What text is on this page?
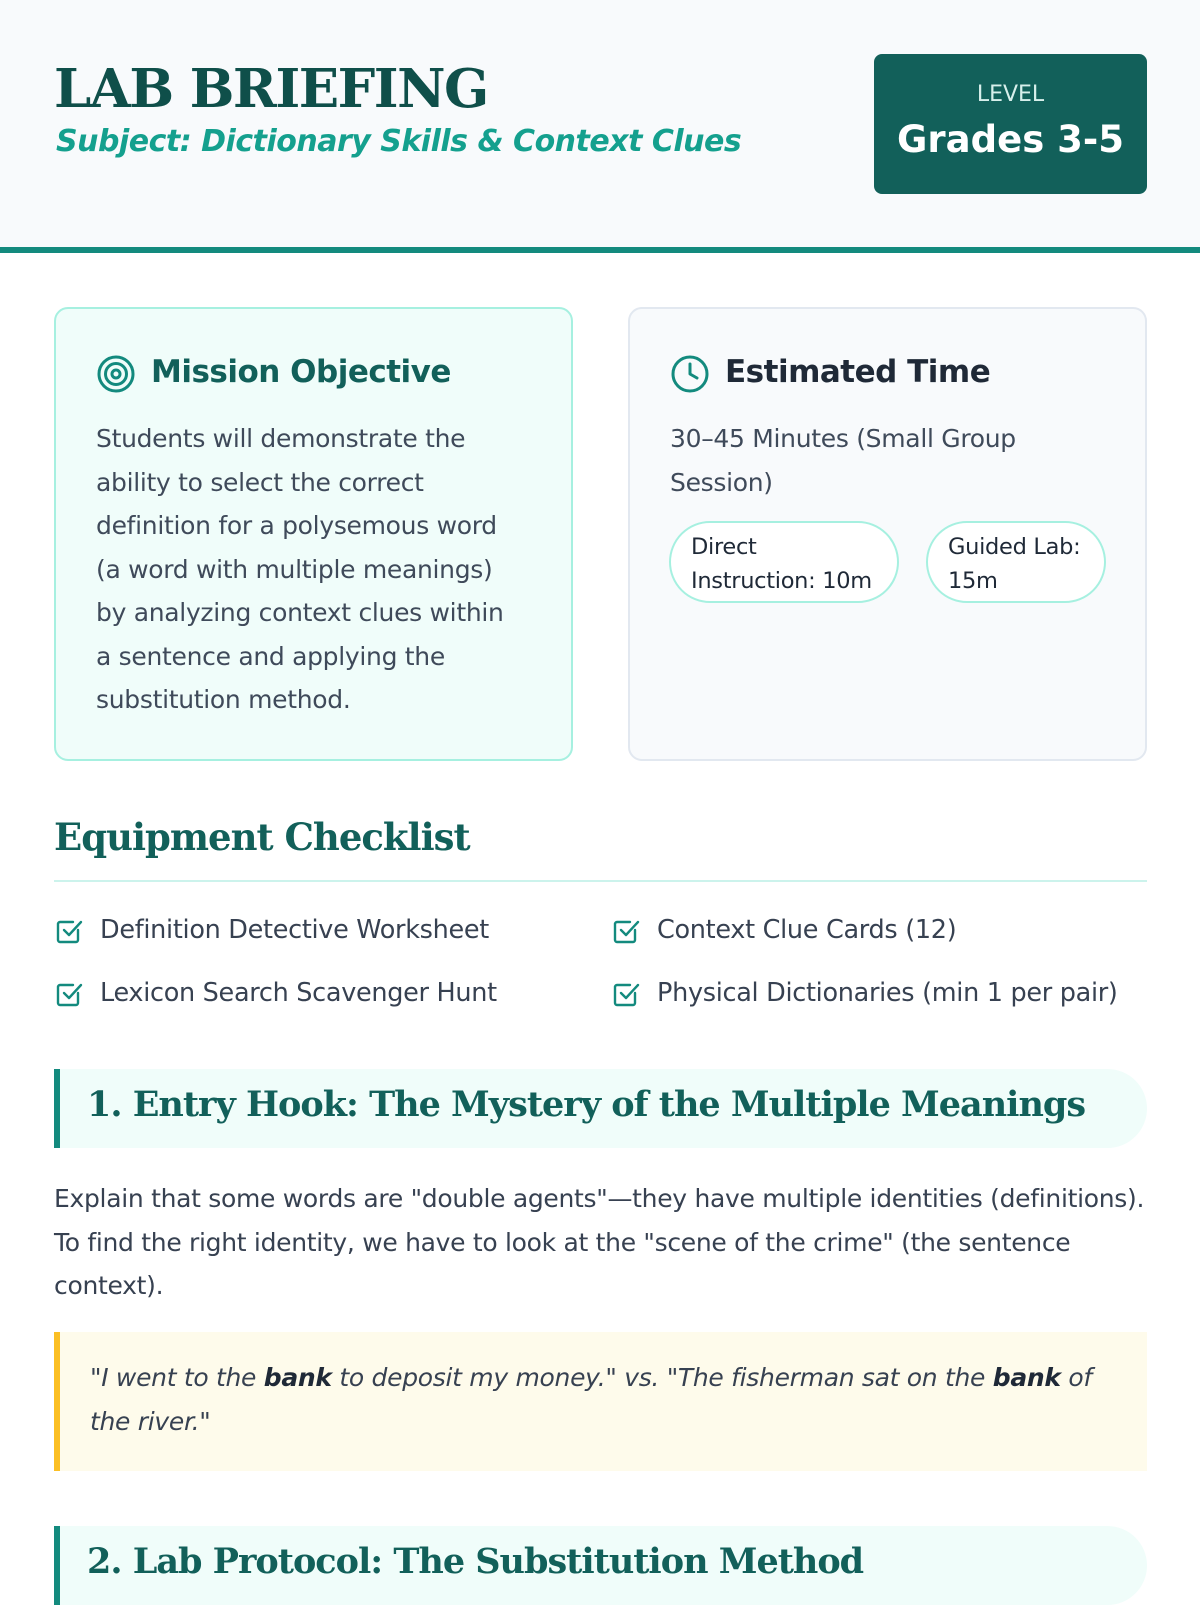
LAB BRIEFING
Subject: Dictionary Skills & Context Clues
LEVEL
Grades 3-5
Mission Objective
Students will demonstrate the ability to select the correct definition for a polysemous word (a word with multiple meanings) by analyzing context clues within a sentence and applying the substitution method.
Estimated Time
30–45 Minutes (Small Group Session)
Direct Instruction: 10m
Guided Lab: 15m
Equipment Checklist
Definition Detective Worksheet	Context Clue Cards (12)
Lexicon Search Scavenger Hunt	Physical Dictionaries (min 1 per pair)
1. Entry Hook: The Mystery of the Multiple Meanings
Explain that some words are "double agents"—they have multiple identities (definitions). To find the right identity, we have to look at the "scene of the crime" (the sentence context).
"I went to the bank to deposit my money." vs. "The fisherman sat on the bank of the river."
2. Lab Protocol: The Substitution Method
